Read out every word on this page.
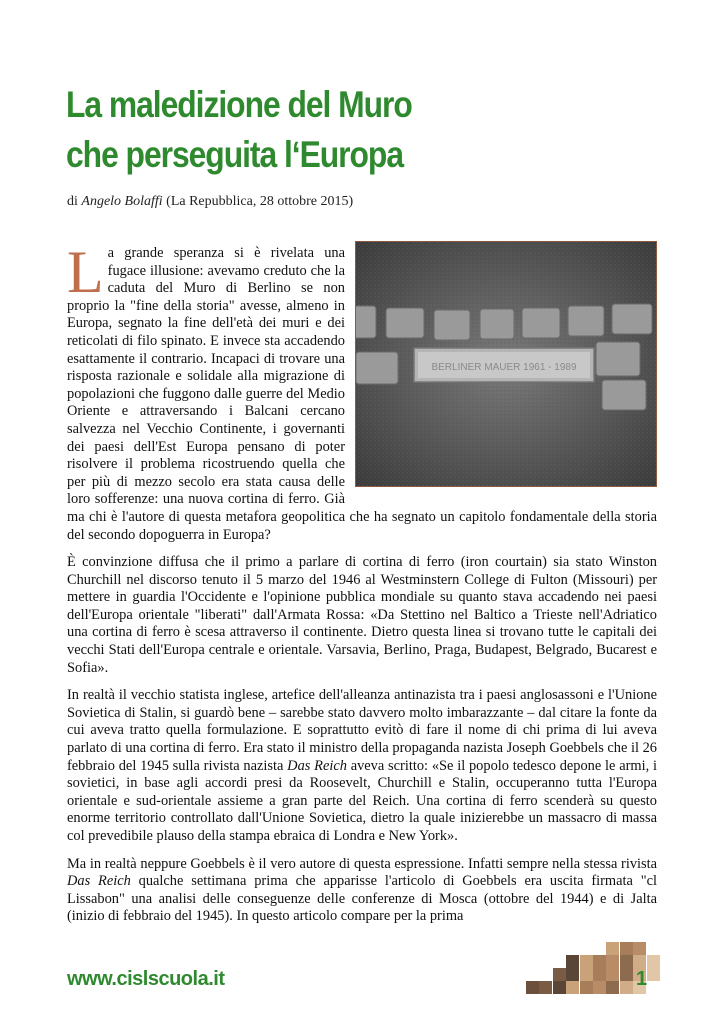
La maledizione del Muro
che perseguita l‘Europa
di Angelo Bolaffi (La Repubblica, 28 ottobre 2015)
BERLINER MAUER 1961 - 1989

La grande speranza si è rivelata una fugace illusione: avevamo creduto che la caduta del Muro di Berlino se non proprio la "fine della storia" avesse, almeno in Europa, segnato la fine dell'età dei muri e dei reticolati di filo spinato. E invece sta accadendo esattamente il contrario. Incapaci di trovare una risposta razionale e solidale alla migrazione di popolazioni che fuggono dalle guerre del Medio Oriente e attraversando i Balcani cercano salvezza nel Vecchio Continente, i governanti dei paesi dell'Est Europa pensano di poter risolvere il problema ricostruendo quella che per più di mezzo secolo era stata causa delle loro sofferenze: una nuova cortina di ferro. Già ma chi è l'autore di questa metafora geopolitica che ha segnato un capitolo fondamentale della storia del secondo dopoguerra in Europa?

È convinzione diffusa che il primo a parlare di cortina di ferro (iron courtain) sia stato Winston Churchill nel discorso tenuto il 5 marzo del 1946 al Westminstern College di Fulton (Missouri) per mettere in guardia l'Occidente e l'opinione pubblica mondiale su quanto stava accadendo nei paesi dell'Europa orientale "liberati" dall'Armata Rossa: «Da Stettino nel Baltico a Trieste nell'Adriatico una cortina di ferro è scesa attraverso il continente. Dietro questa linea si trovano tutte le capitali dei vecchi Stati dell'Europa centrale e orientale. Varsavia, Berlino, Praga, Budapest, Belgrado, Bucarest e Sofia».

In realtà il vecchio statista inglese, artefice dell'alleanza antinazista tra i paesi anglosassoni e l'Unione Sovietica di Stalin, si guardò bene – sarebbe stato davvero molto imbarazzante – dal citare la fonte da cui aveva tratto quella formulazione. E soprattutto evitò di fare il nome di chi prima di lui aveva parlato di una cortina di ferro. Era stato il ministro della propaganda nazista Joseph Goebbels che il 26 febbraio del 1945 sulla rivista nazista Das Reich aveva scritto: «Se il popolo tedesco depone le armi, i sovietici, in base agli accordi presi da Roosevelt, Churchill e Stalin, occuperanno tutta l'Europa orientale e sud-orientale assieme a gran parte del Reich. Una cortina di ferro scenderà su questo enorme territorio controllato dall'Unione Sovietica, dietro la quale inizierebbe un massacro di massa col prevedibile plauso della stampa ebraica di Londra e New York».

Ma in realtà neppure Goebbels è il vero autore di questa espressione. Infatti sempre nella stessa rivista Das Reich qualche settimana prima che apparisse l'articolo di Goebbels era uscita firmata "cl Lissabon" una analisi delle conseguenze delle conferenze di Mosca (ottobre del 1944) e di Jalta (inizio di febbraio del 1945). In questo articolo compare per la prima

www.cislscuola.it	1
